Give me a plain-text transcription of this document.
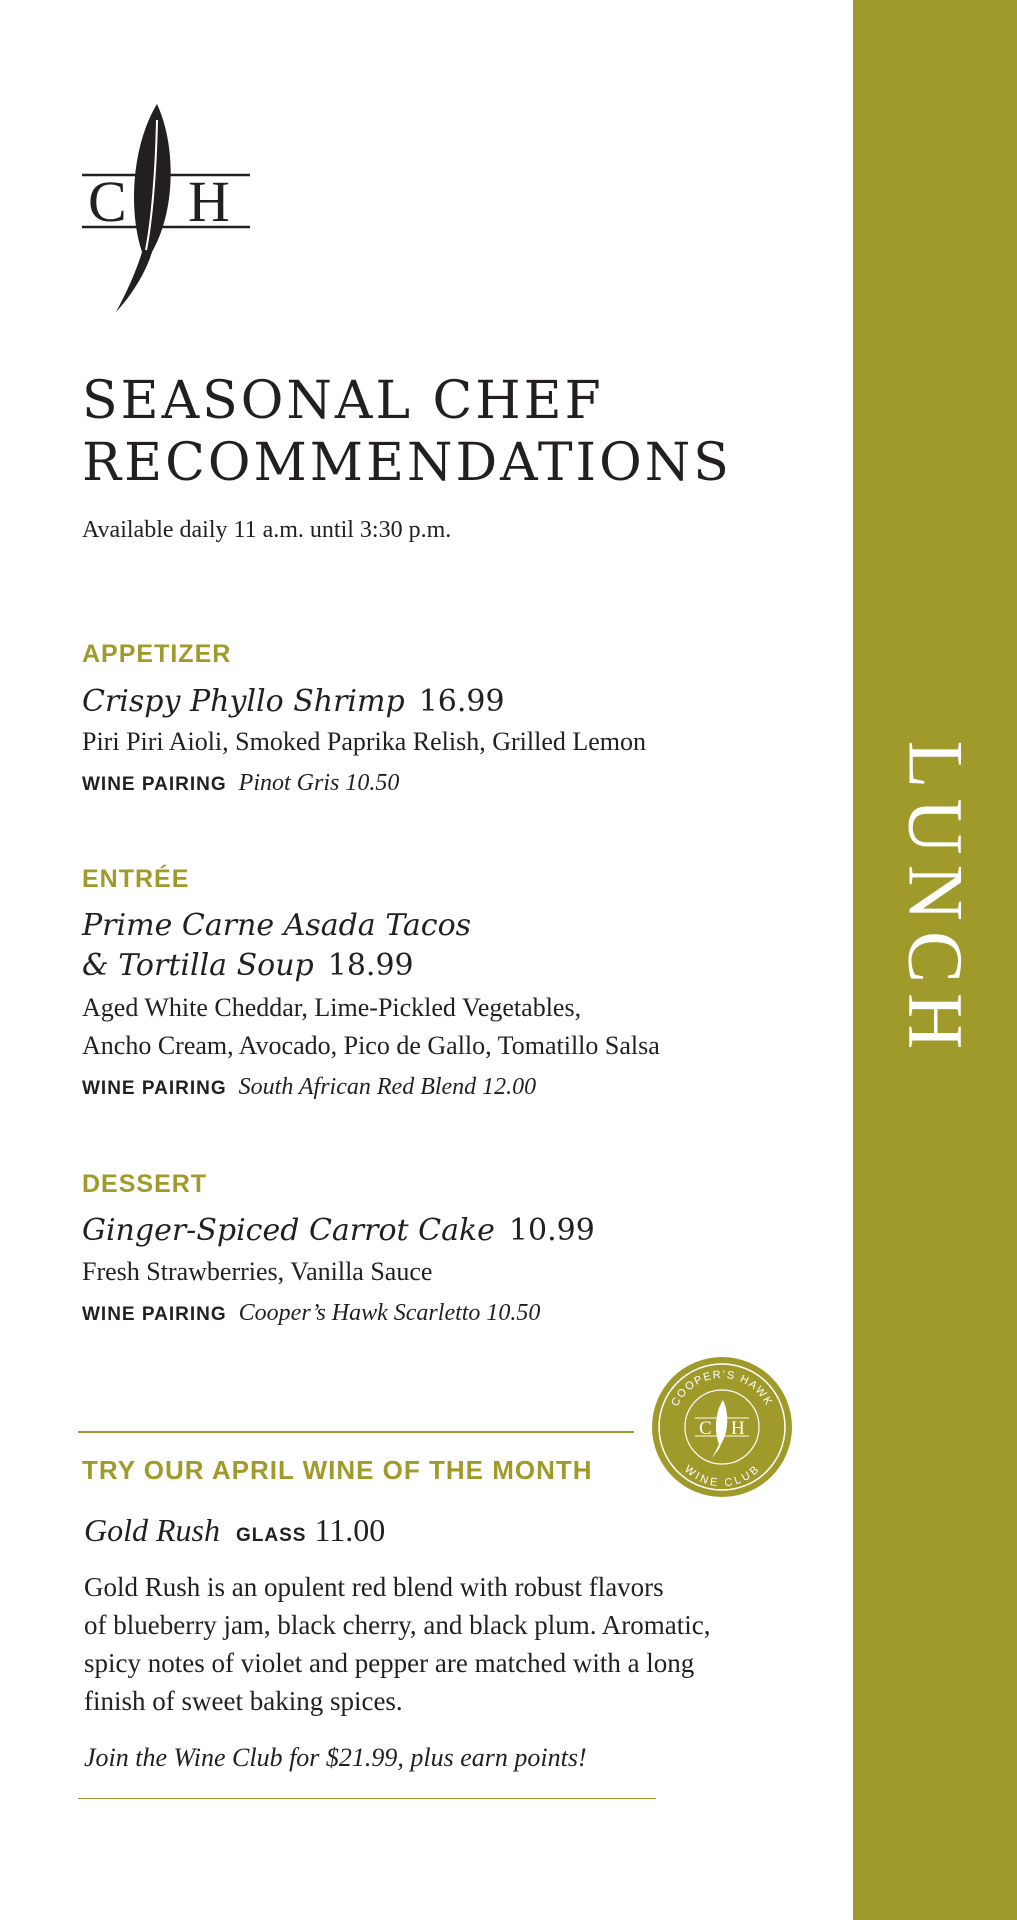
LUNCH
C H
SEASONAL CHEF
RECOMMENDATIONS
Available daily 11 a.m. until 3:30 p.m.
APPETIZER
Crispy Phyllo Shrimp 16.99
Piri Piri Aioli, Smoked Paprika Relish, Grilled Lemon
WINE PAIRING Pinot Gris 10.50
ENTRÉE
Prime Carne Asada Tacos
& Tortilla Soup 18.99
Aged White Cheddar, Lime-Pickled Vegetables,
Ancho Cream, Avocado, Pico de Gallo, Tomatillo Salsa
WINE PAIRING South African Red Blend 12.00
DESSERT
Ginger-Spiced Carrot Cake 10.99
Fresh Strawberries, Vanilla Sauce
WINE PAIRING Cooper’s Hawk Scarletto 10.50
COOPER’S HAWK
WINE CLUB
C H
TRY OUR APRIL WINE OF THE MONTH
Gold Rush GLASS 11.00
Gold Rush is an opulent red blend with robust flavors
of blueberry jam, black cherry, and black plum. Aromatic,
spicy notes of violet and pepper are matched with a long
finish of sweet baking spices.
Join the Wine Club for $21.99, plus earn points!
